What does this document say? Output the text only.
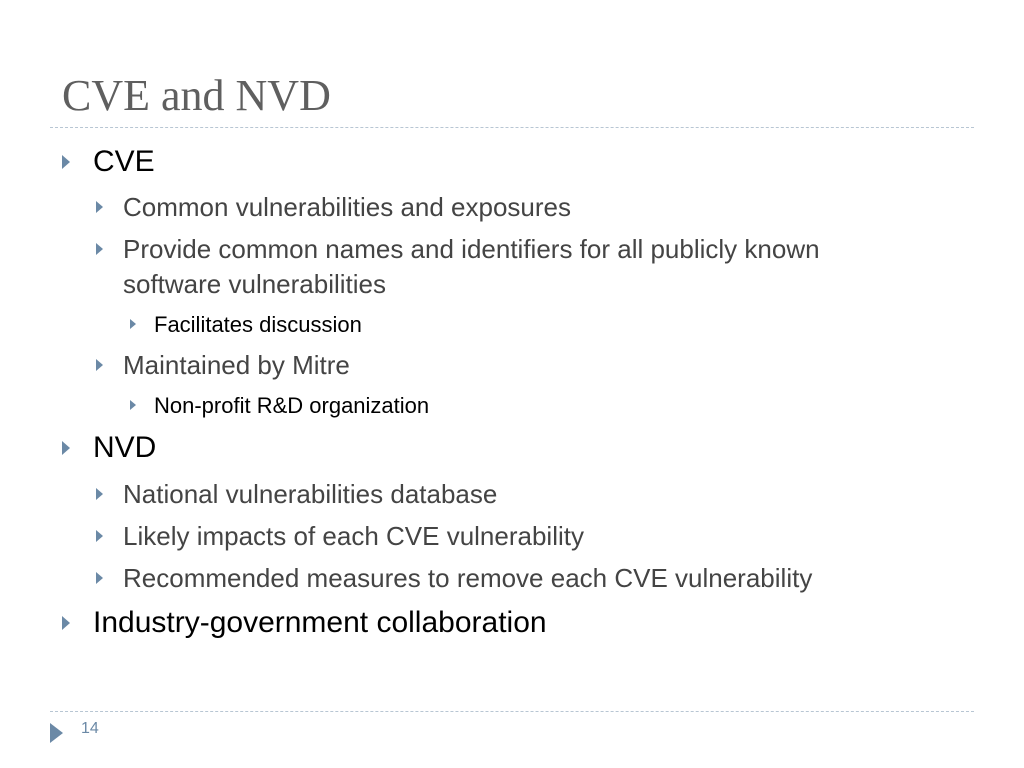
CVE and NVD
CVE
Common vulnerabilities and exposures
Provide common names and identifiers for all publicly known
software vulnerabilities
Facilitates discussion
Maintained by Mitre
Non-profit R&D organization
NVD
National vulnerabilities database
Likely impacts of each CVE vulnerability
Recommended measures to remove each CVE vulnerability
Industry-government collaboration
14
